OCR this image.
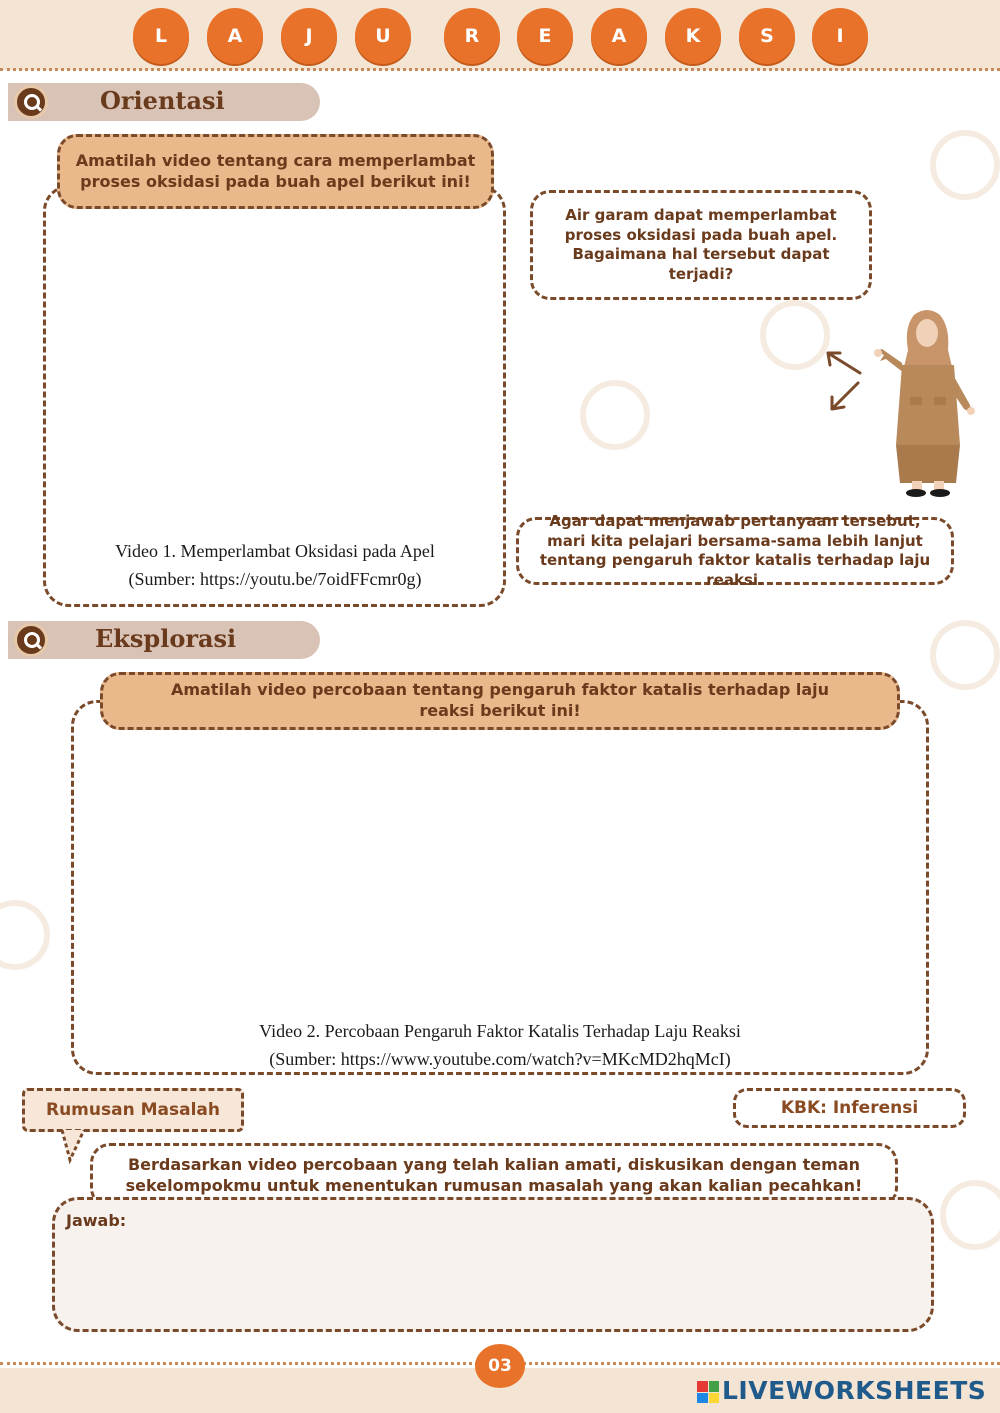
L	A	J	U	R	E	A	K	S	I
Orientasi
Amatilah video tentang cara memperlambat proses oksidasi pada buah apel berikut ini!
Video 1. Memperlambat Oksidasi pada Apel
(Sumber: https://youtu.be/7oidFFcmr0g)
Air garam dapat memperlambat proses oksidasi pada buah apel. Bagaimana hal tersebut dapat terjadi?
Agar dapat menjawab pertanyaan tersebut, mari kita pelajari bersama-sama lebih lanjut tentang pengaruh faktor katalis terhadap laju reaksi.
Eksplorasi
Amatilah video percobaan tentang pengaruh faktor katalis terhadap laju reaksi berikut ini!
Video 2. Percobaan Pengaruh Faktor Katalis Terhadap Laju Reaksi
(Sumber: https://www.youtube.com/watch?v=MKcMD2hqMcI)
Rumusan Masalah	KBK: Inferensi
Berdasarkan video percobaan yang telah kalian amati, diskusikan dengan teman sekelompokmu untuk menentukan rumusan masalah yang akan kalian pecahkan!
Jawab:
03
LIVEWORKSHEETS
